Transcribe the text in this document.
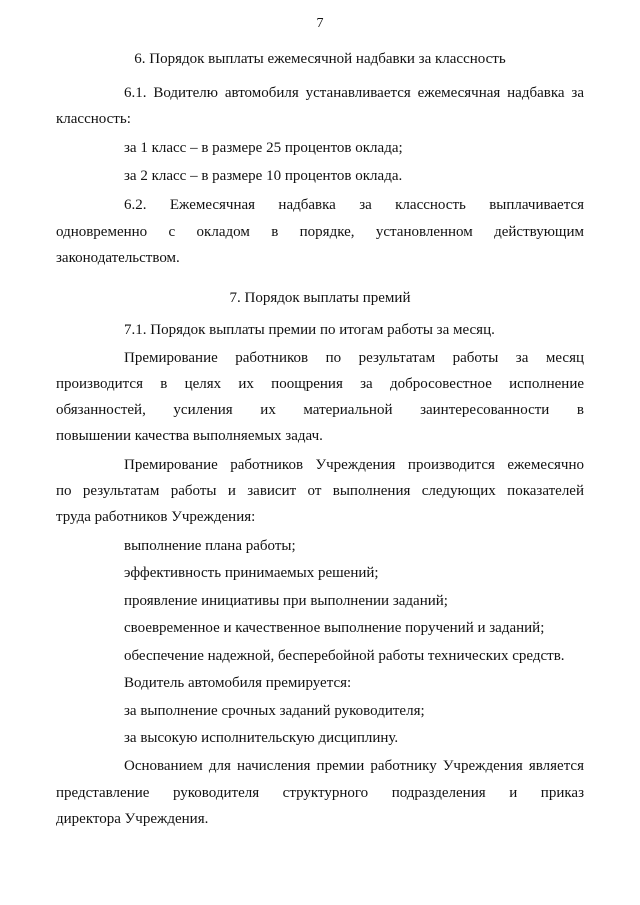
7
6. Порядок выплаты ежемесячной надбавки за классность
6.1. Водителю автомобиля устанавливается ежемесячная надбавка за
классность:
за 1 класс – в размере 25 процентов оклада;
за 2 класс – в размере 10 процентов оклада.
6.2. Ежемесячная надбавка за классность выплачивается
одновременно с окладом в порядке, установленном действующим
законодательством.
7. Порядок выплаты премий
7.1. Порядок выплаты премии по итогам работы за месяц.
Премирование работников по результатам работы за месяц
производится в целях их поощрения за добросовестное исполнение
обязанностей, усиления их материальной заинтересованности в
повышении качества выполняемых задач.
Премирование работников Учреждения производится ежемесячно
по результатам работы и зависит от выполнения следующих показателей
труда работников Учреждения:
выполнение плана работы;
эффективность принимаемых решений;
проявление инициативы при выполнении заданий;
своевременное и качественное выполнение поручений и заданий;
обеспечение надежной, бесперебойной работы технических средств.
Водитель автомобиля премируется:
за выполнение срочных заданий руководителя;
за высокую исполнительскую дисциплину.
Основанием для начисления премии работнику Учреждения является
представление руководителя структурного подразделения и приказ
директора Учреждения.
